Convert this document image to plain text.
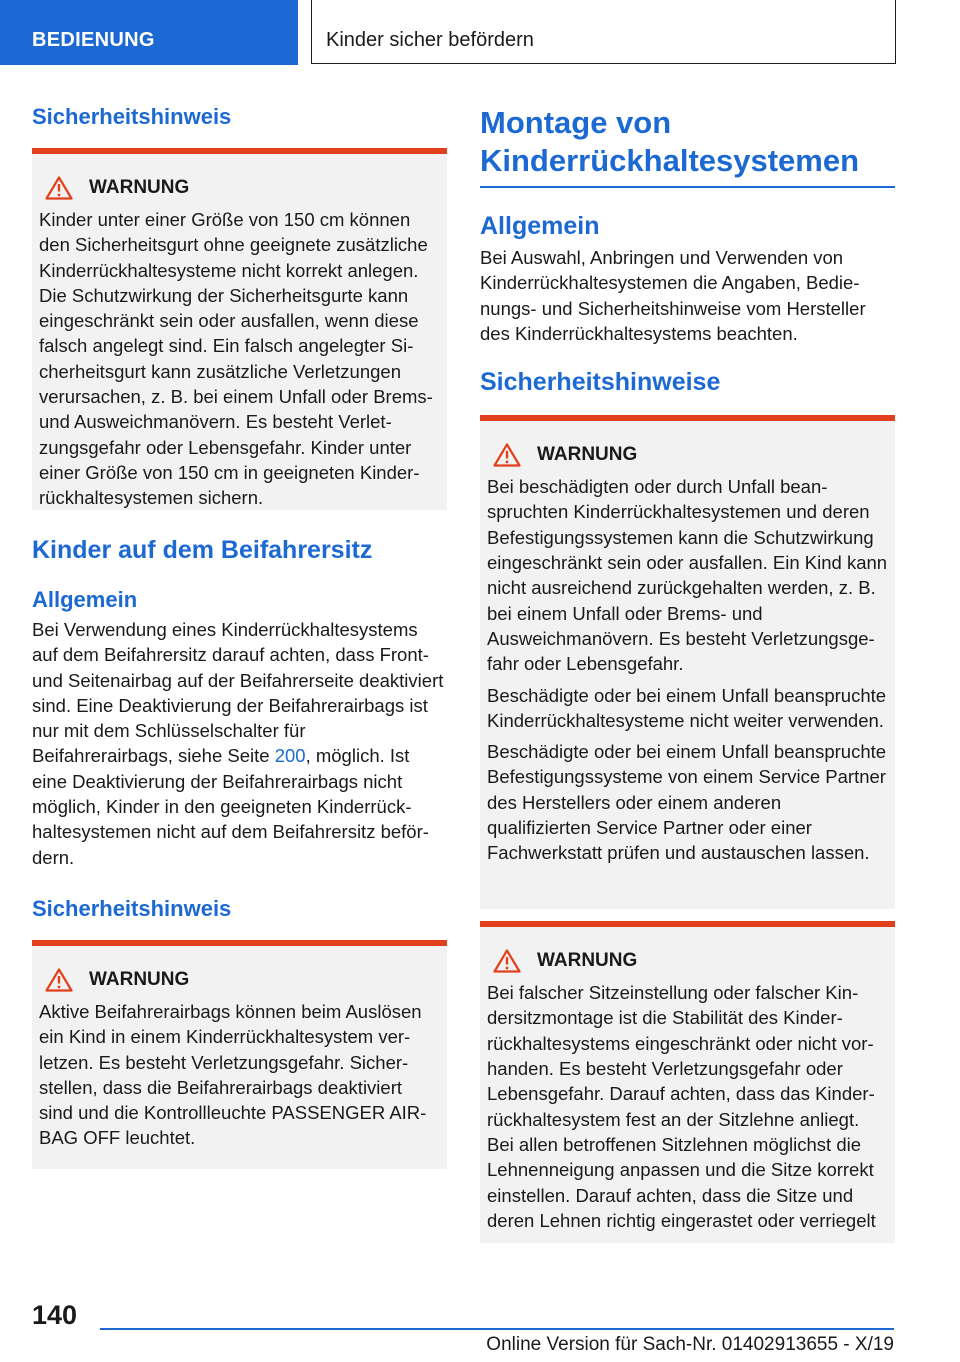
BEDIENUNG	Kinder sicher befördern
Sicherheitshinweis
WARNUNG

Kinder unter einer Größe von 150 cm können den Sicherheitsgurt ohne geeignete zusätzliche Kinderrückhaltesysteme nicht korrekt anlegen. Die Schutzwirkung der Sicherheitsgurte kann eingeschränkt sein oder ausfallen, wenn diese falsch angelegt sind. Ein falsch angelegter Sicherheitsgurt kann zusätzliche Verletzungen verursachen, z. B. bei einem Unfall oder Brems- und Ausweichmanövern. Es besteht Verletzungsgefahr oder Lebensgefahr. Kinder unter einer Größe von 150 cm in geeigneten Kinderrückhaltesystemen sichern.

Kinder auf dem Beifahrersitz
Allgemein

Bei Verwendung eines Kinderrückhaltesystems auf dem Beifahrersitz darauf achten, dass Front- und Seitenairbag auf der Beifahrerseite deaktiviert sind. Eine Deaktivierung der Beifahrerairbags ist nur mit dem Schlüsselschalter für Beifahrerairbags, siehe Seite 200, möglich. Ist eine Deaktivierung der Beifahrerairbags nicht möglich, Kinder in den geeigneten Kinderrückhaltesystemen nicht auf dem Beifahrersitz befördern.

Sicherheitshinweis
WARNUNG

Aktive Beifahrerairbags können beim Auslösen ein Kind in einem Kinderrückhaltesystem verletzen. Es besteht Verletzungsgefahr. Sicherstellen, dass die Beifahrerairbags deaktiviert sind und die Kontrollleuchte PASSENGER AIRBAG OFF leuchtet.

Montage von Kinderrückhaltesystemen
Allgemein

Bei Auswahl, Anbringen und Verwenden von Kinderrückhaltesystemen die Angaben, Bedienungs- und Sicherheitshinweise vom Hersteller des Kinderrückhaltesystems beachten.

Sicherheitshinweise
WARNUNG

Bei beschädigten oder durch Unfall beanspruchten Kinderrückhaltesystemen und deren Befestigungssystemen kann die Schutzwirkung eingeschränkt sein oder ausfallen. Ein Kind kann nicht ausreichend zurückgehalten werden, z. B. bei einem Unfall oder Brems- und Ausweichmanövern. Es besteht Verletzungsgefahr oder Lebensgefahr.

Beschädigte oder bei einem Unfall beanspruchte Kinderrückhaltesysteme nicht weiter verwenden.

Beschädigte oder bei einem Unfall beanspruchte Befestigungssysteme von einem Service Partner des Herstellers oder einem anderen qualifizierten Service Partner oder einer Fachwerkstatt prüfen und austauschen lassen.

WARNUNG

Bei falscher Sitzeinstellung oder falscher Kindersitzmontage ist die Stabilität des Kinderrückhaltesystems eingeschränkt oder nicht vorhanden. Es besteht Verletzungsgefahr oder Lebensgefahr. Darauf achten, dass das Kinderrückhaltesystem fest an der Sitzlehne anliegt. Bei allen betroffenen Sitzlehnen möglichst die Lehnenneigung anpassen und die Sitze korrekt einstellen. Darauf achten, dass die Sitze und deren Lehnen richtig eingerastet oder verriegelt

140
Online Version für Sach-Nr. 01402913655 - X/19
